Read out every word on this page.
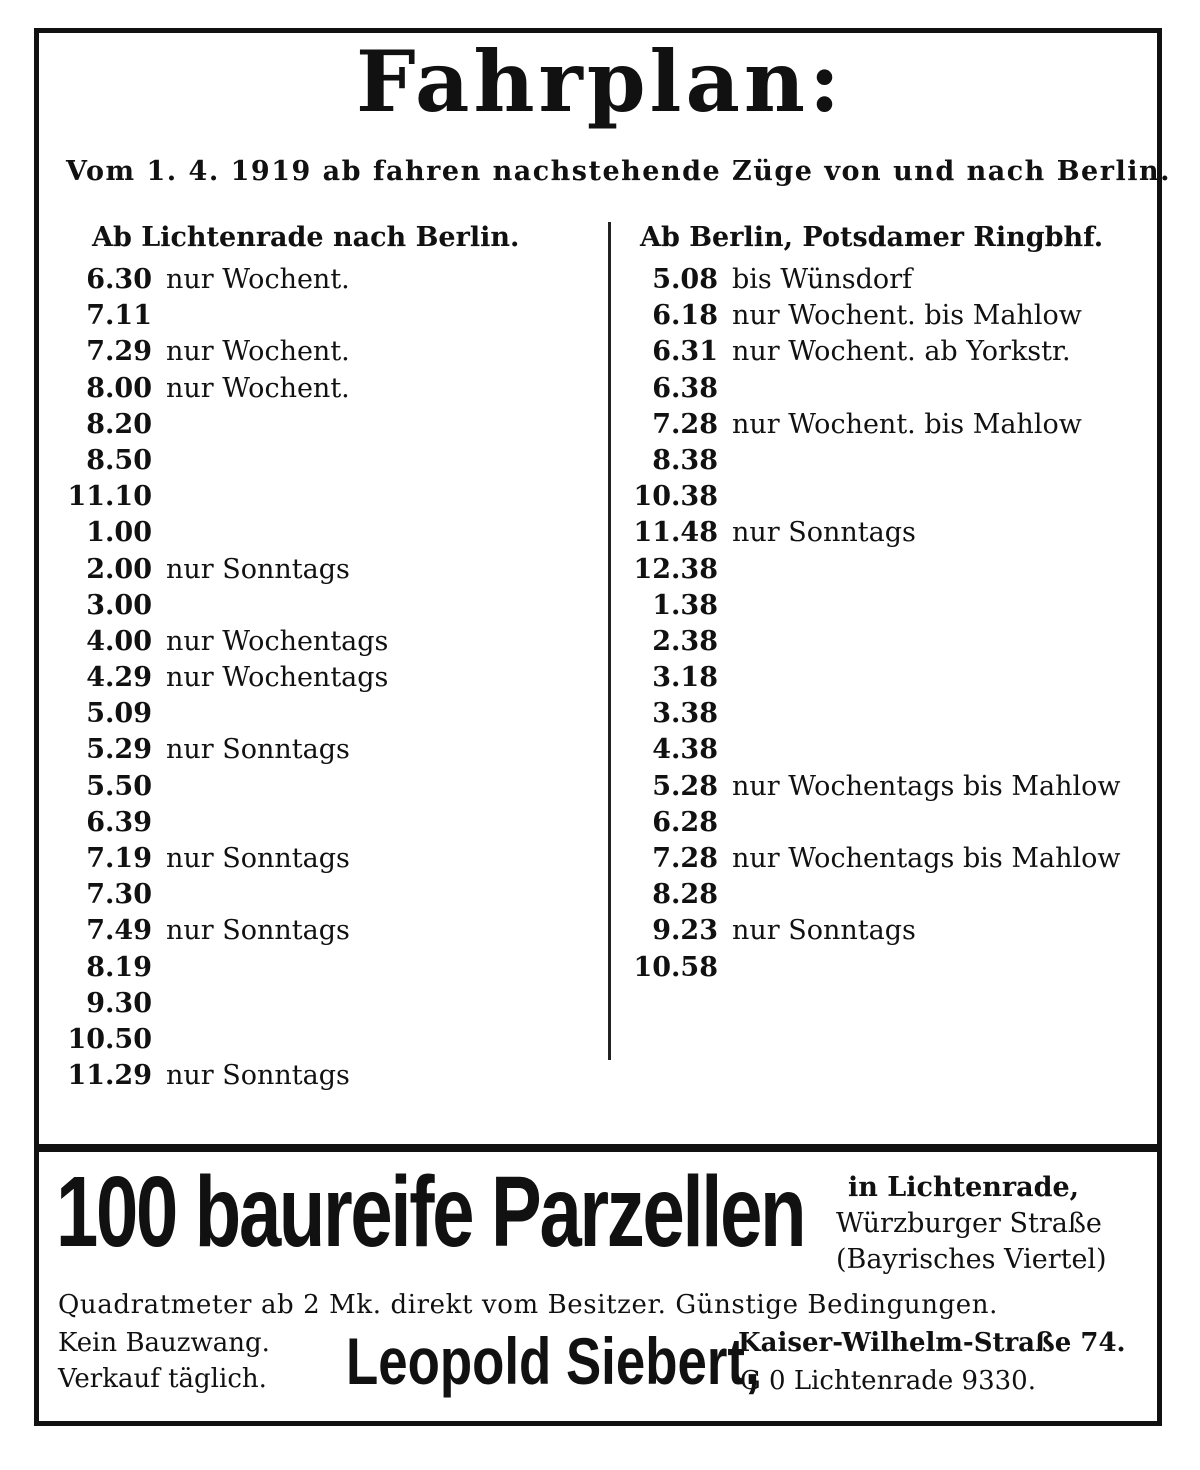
Fahrplan:
Vom 1. 4. 1919 ab fahren nachstehende Züge von und nach Berlin.
Ab Lichtenrade nach Berlin.	Ab Berlin, Potsdamer Ringbhf.
6.30 nur Wochent.
7.11
7.29 nur Wochent.
8.00 nur Wochent.
8.20
8.50
11.10
1.00
2.00 nur Sonntags
3.00
4.00 nur Wochentags
4.29 nur Wochentags
5.09
5.29 nur Sonntags
5.50
6.39
7.19 nur Sonntags
7.30
7.49 nur Sonntags
8.19
9.30
10.50
11.29 nur Sonntags
5.08 bis Wünsdorf
6.18 nur Wochent. bis Mahlow
6.31 nur Wochent. ab Yorkstr.
6.38
7.28 nur Wochent. bis Mahlow
8.38
10.38
11.48 nur Sonntags
12.38
1.38
2.38
3.18
3.38
4.38
5.28 nur Wochentags bis Mahlow
6.28
7.28 nur Wochentags bis Mahlow
8.28
9.23 nur Sonntags
10.58
100 baureife Parzellen	in Lichtenrade,
Würzburger Straße
(Bayrisches Viertel)
Quadratmeter ab 2 Mk. direkt vom Besitzer. Günstige Bedingungen.
Kein Bauzwang.
Verkauf täglich. Leopold Siebert,
Kaiser-Wilhelm-Straße 74.
G 0 Lichtenrade 9330.
